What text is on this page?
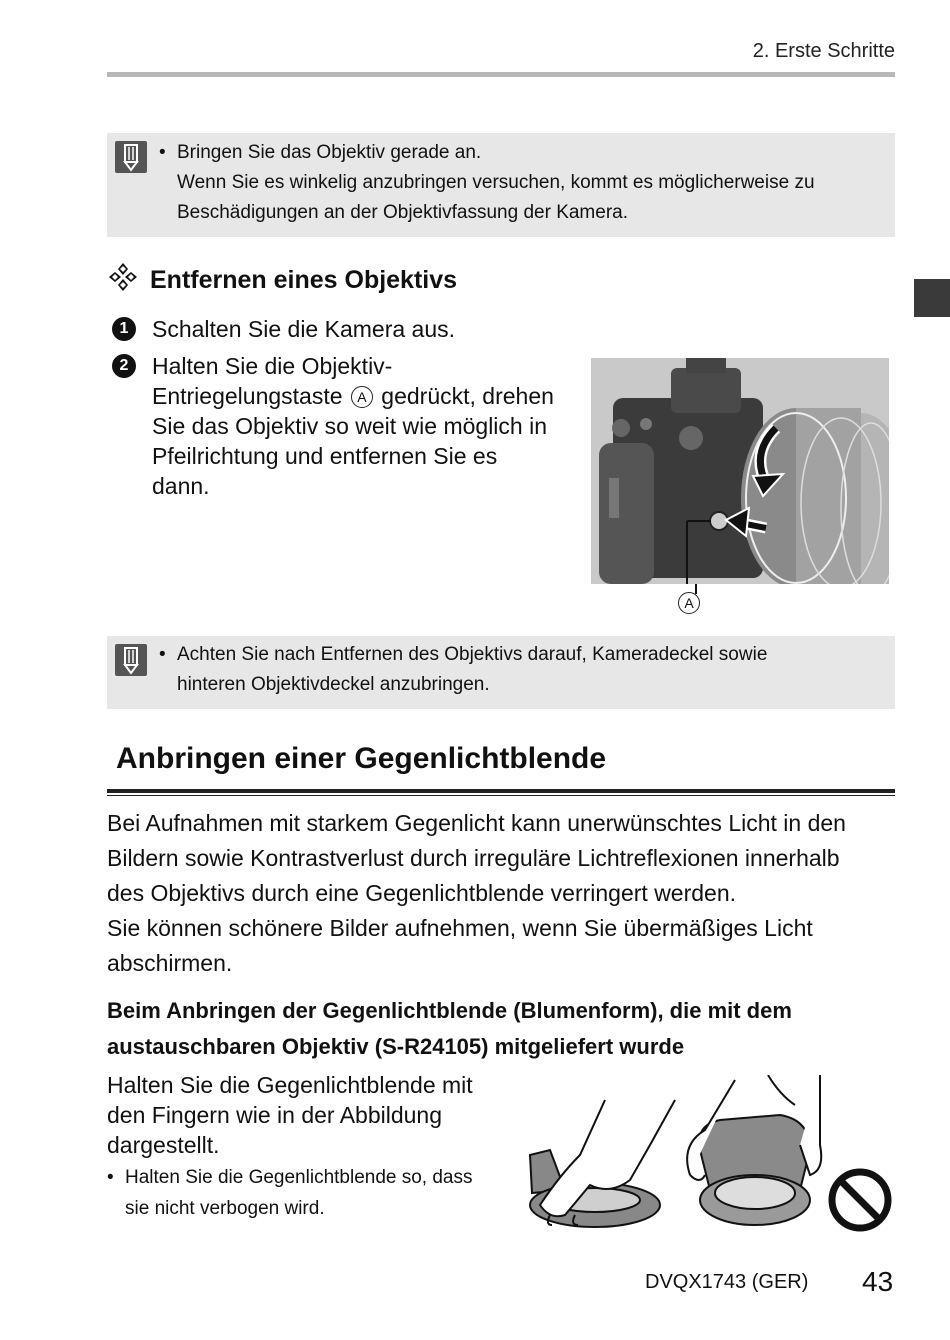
2. Erste Schritte
• Bringen Sie das Objektiv gerade an.
Wenn Sie es winkelig anzubringen versuchen, kommt es möglicherweise zu
Beschädigungen an der Objektivfassung der Kamera.
Entfernen eines Objektivs
1	Schalten Sie die Kamera aus.
2	Halten Sie die Objektiv-
Entriegelungstaste A gedrückt, drehen
Sie das Objektiv so weit wie möglich in
Pfeilrichtung und entfernen Sie es
dann.
A
• Achten Sie nach Entfernen des Objektivs darauf, Kameradeckel sowie
hinteren Objektivdeckel anzubringen.
Anbringen einer Gegenlichtblende
Bei Aufnahmen mit starkem Gegenlicht kann unerwünschtes Licht in den
Bildern sowie Kontrastverlust durch irreguläre Lichtreflexionen innerhalb
des Objektivs durch eine Gegenlichtblende verringert werden.
Sie können schönere Bilder aufnehmen, wenn Sie übermäßiges Licht
abschirmen.
Beim Anbringen der Gegenlichtblende (Blumenform), die mit dem
austauschbaren Objektiv (S-R24105) mitgeliefert wurde
Halten Sie die Gegenlichtblende mit
den Fingern wie in der Abbildung
dargestellt.
• Halten Sie die Gegenlichtblende so, dass
sie nicht verbogen wird.
DVQX1743 (GER) 43
